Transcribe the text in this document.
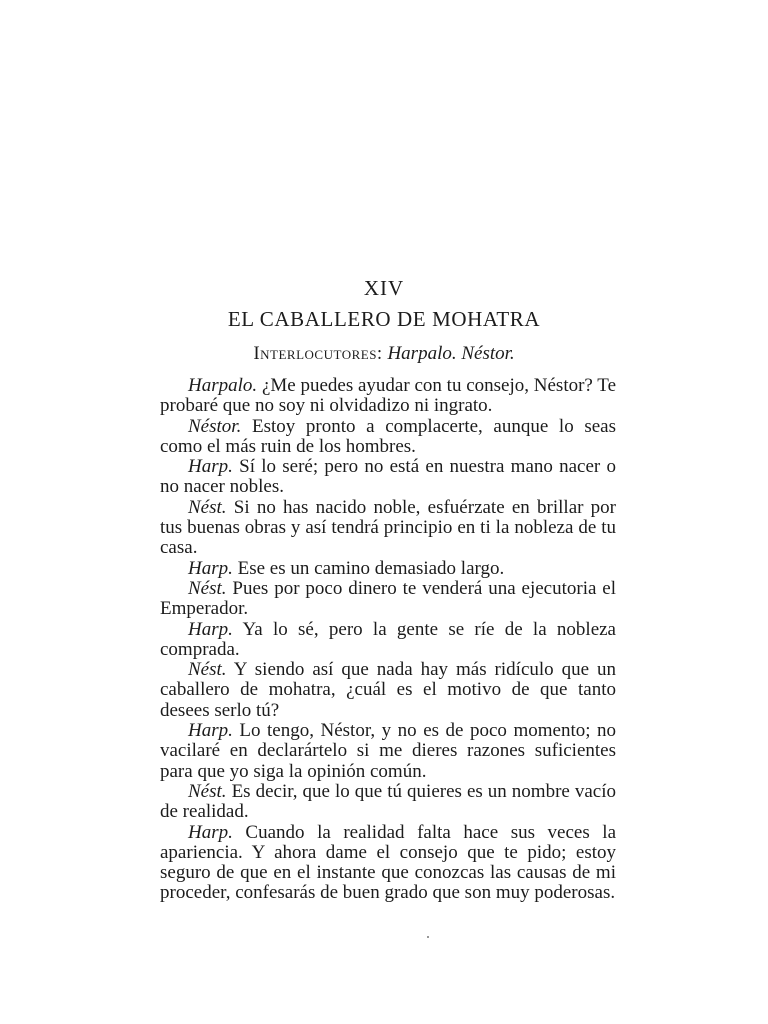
XIV
EL CABALLERO DE MOHATRA
Interlocutores: Harpalo. Néstor.

Harpalo. ¿Me puedes ayudar con tu consejo, Néstor? Te probaré que no soy ni olvidadizo ni ingrato.

Néstor. Estoy pronto a complacerte, aunque lo seas como el más ruin de los hombres.

Harp. Sí lo seré; pero no está en nuestra mano nacer o no nacer nobles.

Nést. Si no has nacido noble, esfuérzate en brillar por tus buenas obras y así tendrá principio en ti la nobleza de tu casa.

Harp. Ese es un camino demasiado largo.

Nést. Pues por poco dinero te venderá una ejecutoria el Emperador.

Harp. Ya lo sé, pero la gente se ríe de la nobleza comprada.

Nést. Y siendo así que nada hay más ridículo que un caballero de mohatra, ¿cuál es el motivo de que tanto desees serlo tú?

Harp. Lo tengo, Néstor, y no es de poco momento; no vacilaré en declarártelo si me dieres razones suficientes para que yo siga la opinión común.

Nést. Es decir, que lo que tú quieres es un nombre vacío de realidad.

Harp. Cuando la realidad falta hace sus veces la apariencia. Y ahora dame el consejo que te pido; estoy seguro de que en el instante que conozcas las causas de mi proceder, confesarás de buen grado que son muy poderosas.
